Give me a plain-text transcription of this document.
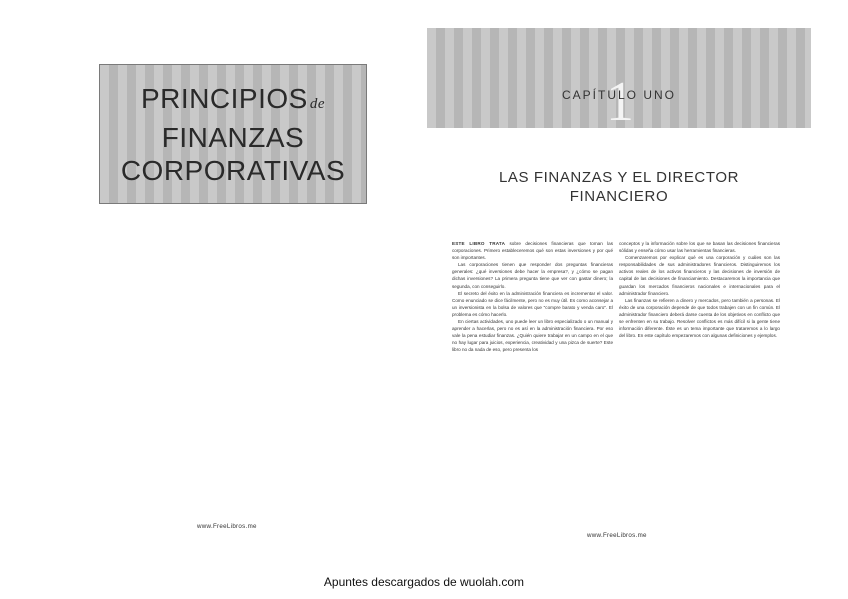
PRINCIPIOS de
FINANZAS
CORPORATIVAS
1
CAPÍTULO UNO
LAS FINANZAS Y EL DIRECTOR
FINANCIERO

ESTE LIBRO TRATA sobre decisiones financieras que toman las corporaciones. Primero estableceremos qué son estas inversiones y por qué son importantes.

Las corporaciones tienen que responder dos preguntas financieras generales: ¿qué inversiones debe hacer la empresa?, y ¿cómo se pagan dichas inversiones? La primera pregunta tiene que ver con gastar dinero; la segunda, con conseguirlo.

El secreto del éxito en la administración financiera es incrementar el valor. Como enunciado se dice fácilmente, pero no es muy útil. Es como aconsejar a un inversionista en la bolsa de valores que "compre barato y venda caro". El problema es cómo hacerlo.

En ciertas actividades, uno puede leer un libro especializado o un manual y aprender a hacerlas, pero no es así en la administración financiera. Por eso vale la pena estudiar finanzas. ¿Quién quiere trabajar en un campo en el que no hay lugar para juicios, experiencia, creatividad y una pizca de suerte? Este libro no da nada de eso, pero presenta los

conceptos y la información sobre los que se basan las decisiones financieras sólidas y enseña cómo usar las herramientas financieras.

Comenzaremos por explicar qué es una corporación y cuáles son las responsabilidades de sus administradores financieros. Distinguiremos los activos reales de los activos financieros y las decisiones de inversión de capital de las decisiones de financiamiento. Destacaremos la importancia que guardan los mercados financieros nacionales e internacionales para el administrador financiero.

Las finanzas se refieren a dinero y mercados, pero también a personas. El éxito de una corporación depende de que todos trabajen con un fin común. El administrador financiero deberá darse cuenta de los objetivos en conflicto que se enfrenten en su trabajo. Resolver conflictos es más difícil si la gente tiene información diferente. Éste es un tema importante que trataremos a lo largo del libro. En este capítulo empezaremos con algunas definiciones y ejemplos.

www.FreeLibros.me
www.FreeLibros.me
Apuntes descargados de wuolah.com
